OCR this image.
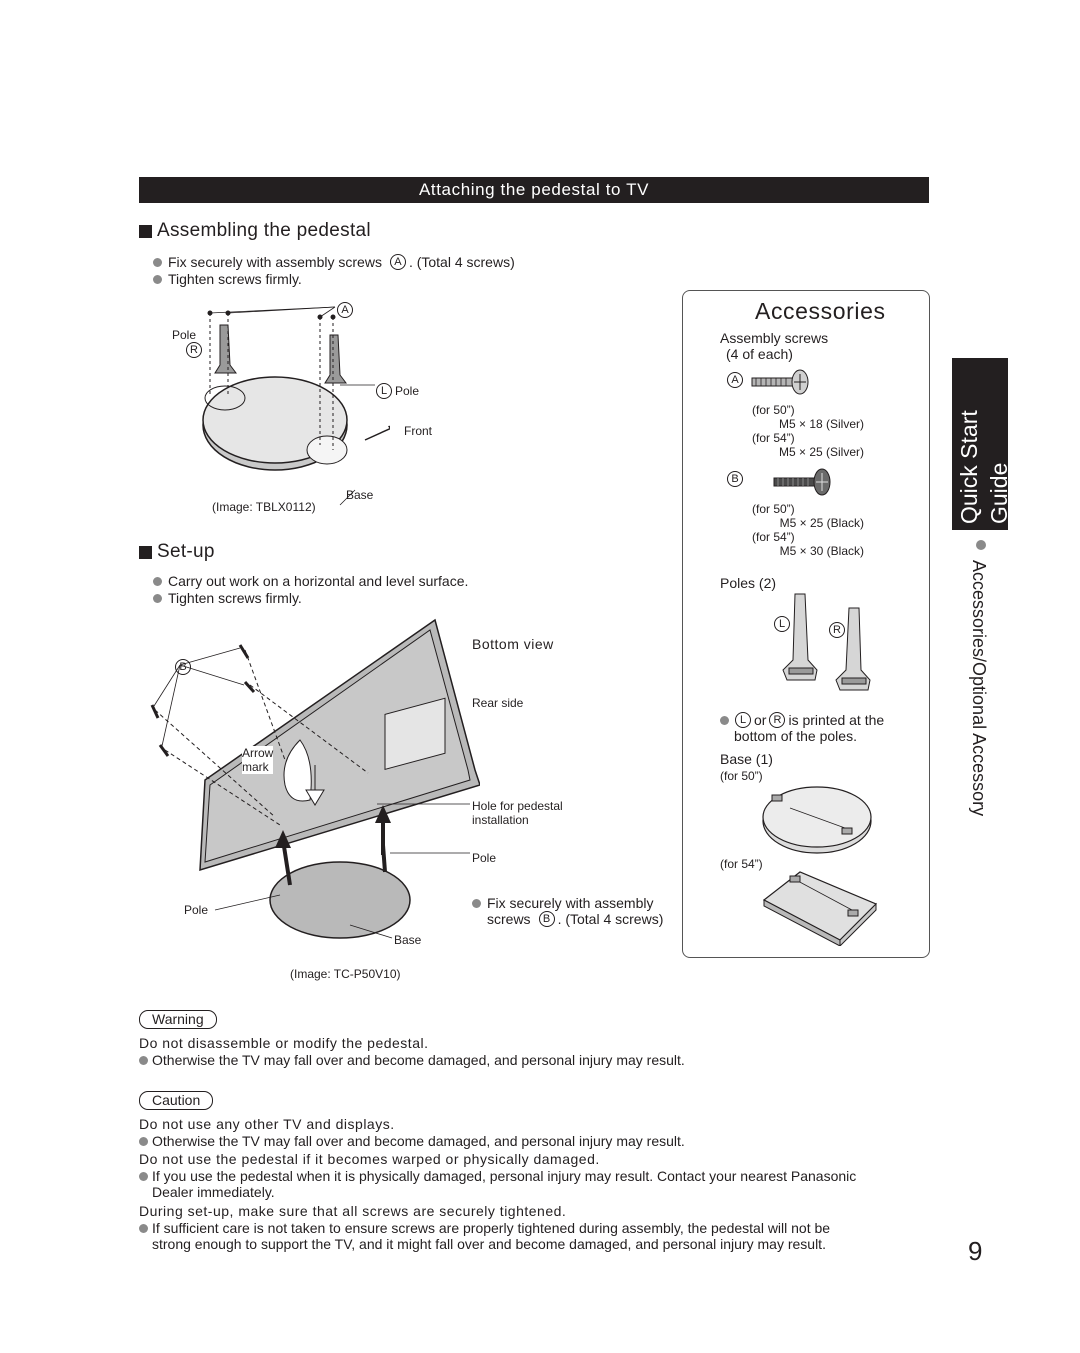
Attaching the pedestal to TV
Assembling the pedestal
Fix securely with assembly screws	A . (Total 4 screws)
Tighten screws firmly.
A
Pole
R
L Pole
Front
Base
(Image: TBLX0112)
Set-up
Carry out work on a horizontal and level surface.
Tighten screws firmly.
B
Bottom view
Rear side
Arrow
mark
Hole for pedestal
installation
Pole
Pole
Base
Fix securely with assembly
screws	B . (Total 4 screws)
(Image: TC-P50V10)
Accessories
Assembly screws
(4 of each)
A
(for 50”)
M5 × 18 (Silver)
(for 54”)
M5 × 25 (Silver)
B
(for 50”)
M5 × 25 (Black)
(for 54”)
M5 × 30 (Black)
Poles (2)
L	R
L or R is printed at the
bottom of the poles.
Base (1)
(for 50”)
(for 54”)
Guide
Quick Start
Accessories/Optional Accessory
Warning
Do not disassemble or modify the pedestal.
Otherwise the TV may fall over and become damaged, and personal injury may result.
Caution
Do not use any other TV and displays.
Otherwise the TV may fall over and become damaged, and personal injury may result.
Do not use the pedestal if it becomes warped or physically damaged.
If you use the pedestal when it is physically damaged, personal injury may result. Contact your nearest Panasonic
Dealer immediately.
During set-up, make sure that all screws are securely tightened.
If sufficient care is not taken to ensure screws are properly tightened during assembly, the pedestal will not be
strong enough to support the TV, and it might fall over and become damaged, and personal injury may result.	9
